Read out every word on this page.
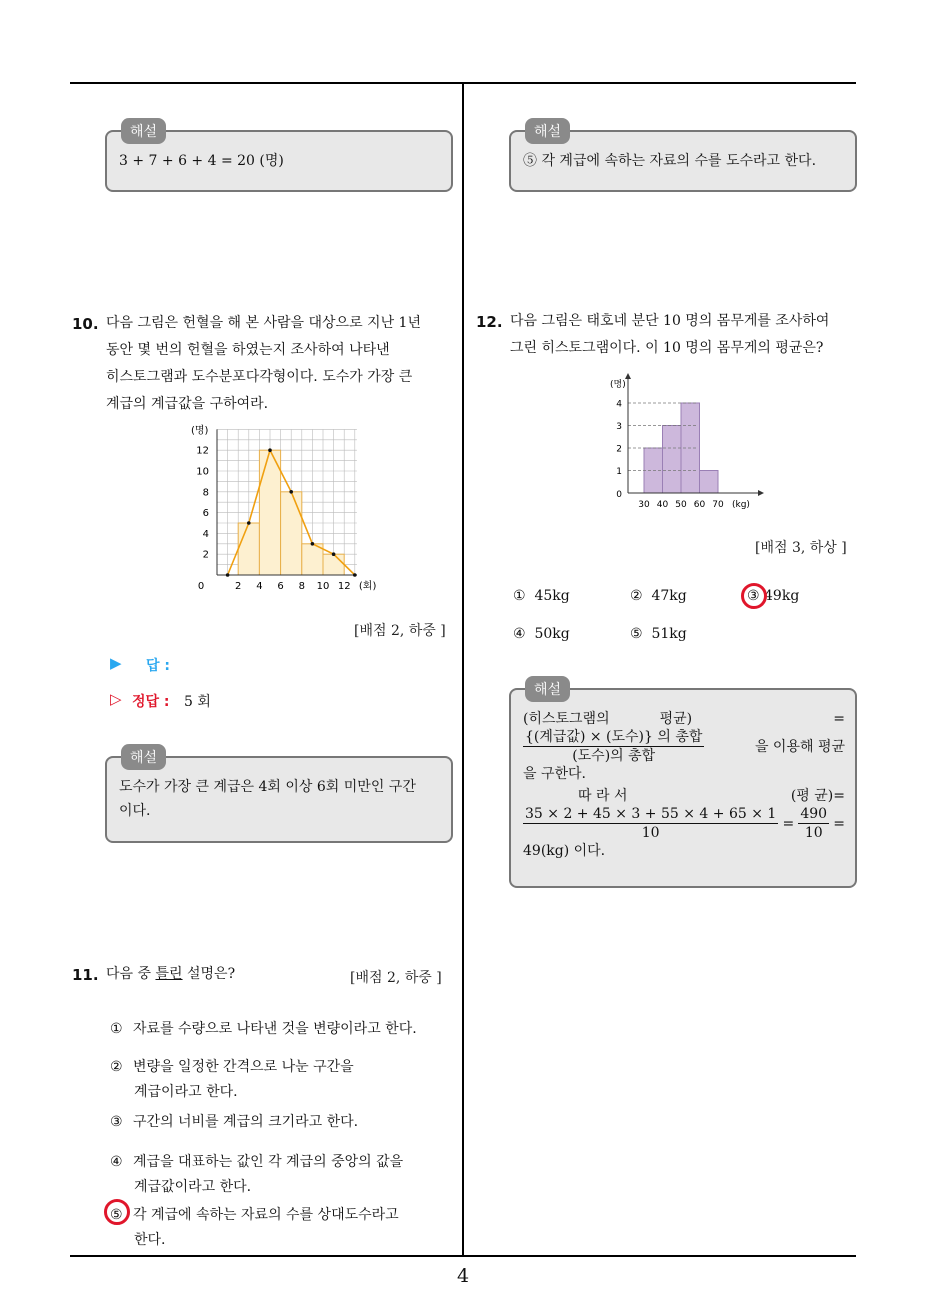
해설
3 + 7 + 6 + 4 = 20 (명)
해설
⑤ 각 계급에 속하는 자료의 수를 도수라고 한다.
10. 다음 그림은 헌혈을 해 본 사람을 대상으로 지난 1년
동안 몇 번의 헌혈을 하였는지 조사하여 나타낸
히스토그램과 도수분포다각형이다. 도수가 가장 큰
계급의 계급값을 구하여라.
0	2 4 6 8 10 12
2
4
6
8
10
12
(회)
(명)
[배점 2, 하중 ]
▶ 답 :
▷ 정답 : 5 회
해설
도수가 가장 큰 계급은 4회 이상 6회 미만인 구간
이다.
11. 다음 중 틀린 설명은?	[배점 2, 하중 ]
① 자료를 수량으로 나타낸 것을 변량이라고 한다.
② 변량을 일정한 간격으로 나눈 구간을
계급이라고 한다.
③ 구간의 너비를 계급의 크기라고 한다.
④ 계급을 대표하는 값인 각 계급의 중앙의 값을
계급값이라고 한다.
⑤ 각 계급에 속하는 자료의 수를 상대도수라고
한다.
12. 다음 그림은 태호네 분단 10 명의 몸무게를 조사하여
그린 히스토그램이다. 이 10 명의 몸무게의 평균은?
1
2
3
4
30 40 50 60 70
0
(kg)
(명)
[배점 3, 하상 ]
① 45kg	② 47kg	③ 49kg
④ 50kg	⑤ 51kg
해설
(히스토그램의	평균)	=
$\frac{\text{\{(계급값) × (도수)\} 의 총합}}{\text{(도수)의 총합}}$	을 이용해 평균
을 구한다.
따 라 서	(평 균)=
$\frac{35 \times 2 + 45 \times 3 + 55 \times 4 + 65 \times 1}{10} = \frac{490}{10}$ =
49(kg) 이다.
4
